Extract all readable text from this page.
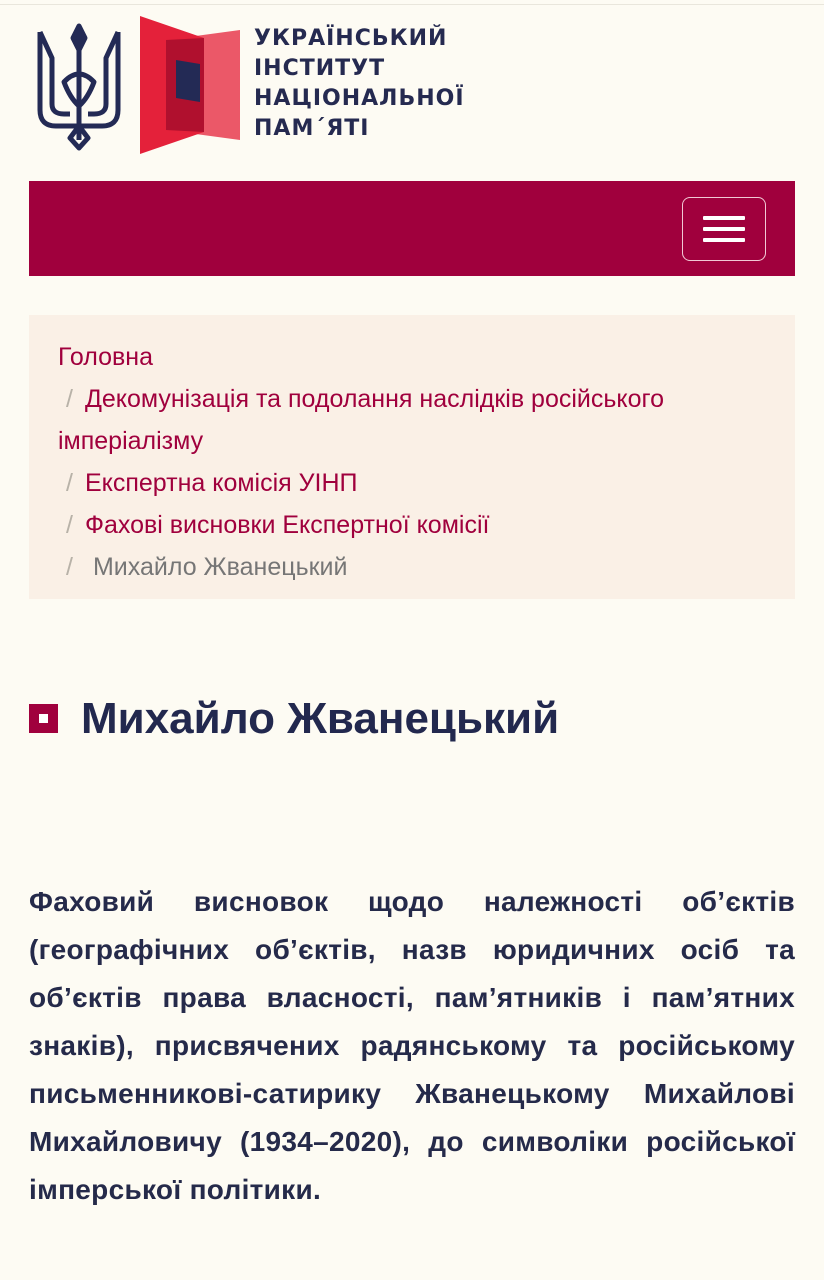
УКРАЇНСЬКИЙ
ІНСТИТУТ
НАЦІОНАЛЬНОЇ
ПАМ´ЯТІ
Головна
/ Декомунізація та подолання наслідків російського імперіалізму
/ Експертна комісія УІНП
/ Фахові висновки Експертної комісії
/ Михайло Жванецький
Михайло Жванецький

Фаховий висновок щодо належності об’єктів (географічних об’єктів, назв юридичних осіб та об’єктів права власності, пам’ятників і пам’ятних знаків), присвячених радянському та російському письменникові-сатирику Жванецькому Михайлові Михайловичу (1934–2020), до символіки російської імперської політики.
